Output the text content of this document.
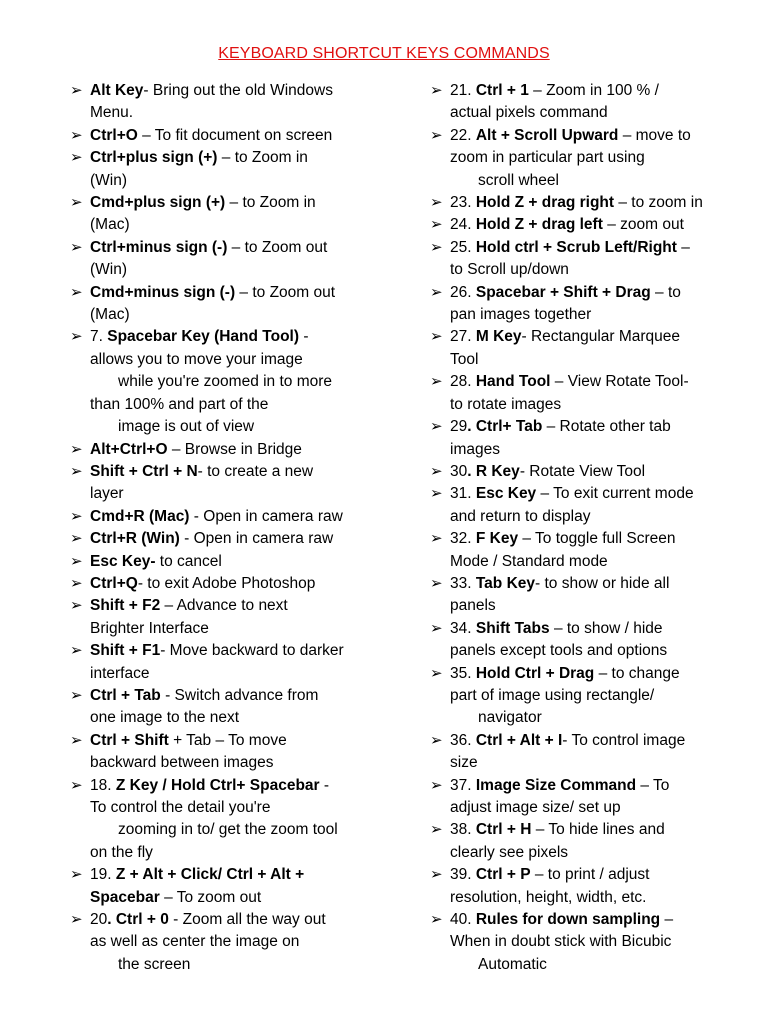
KEYBOARD SHORTCUT KEYS COMMANDS
➢ Alt Key- Bring out the old Windows
Menu.
➢ Ctrl+O – To fit document on screen
➢ Ctrl+plus sign (+) – to Zoom in
(Win)
➢ Cmd+plus sign (+) – to Zoom in
(Mac)
➢ Ctrl+minus sign (-) – to Zoom out
(Win)
➢ Cmd+minus sign (-) – to Zoom out
(Mac)
➢ 7. Spacebar Key (Hand Tool) -
allows you to move your image
while you're zoomed in to more
than 100% and part of the
image is out of view
➢ Alt+Ctrl+O – Browse in Bridge
➢ Shift + Ctrl + N- to create a new
layer
➢ Cmd+R (Mac) - Open in camera raw
➢ Ctrl+R (Win) - Open in camera raw
➢ Esc Key- to cancel
➢ Ctrl+Q- to exit Adobe Photoshop
➢ Shift + F2 – Advance to next
Brighter Interface
➢ Shift + F1- Move backward to darker
interface
➢ Ctrl + Tab - Switch advance from
one image to the next
➢ Ctrl + Shift + Tab – To move
backward between images
➢ 18. Z Key / Hold Ctrl+ Spacebar -
To control the detail you're
zooming in to/ get the zoom tool
on the fly
➢ 19. Z + Alt + Click/ Ctrl + Alt +
Spacebar – To zoom out
➢ 20. Ctrl + 0 - Zoom all the way out
as well as center the image on
the screen
➢ 21. Ctrl + 1 – Zoom in 100 % /
actual pixels command
➢ 22. Alt + Scroll Upward – move to
zoom in particular part using
scroll wheel
➢ 23. Hold Z + drag right – to zoom in
➢ 24. Hold Z + drag left – zoom out
➢ 25. Hold ctrl + Scrub Left/Right –
to Scroll up/down
➢ 26. Spacebar + Shift + Drag – to
pan images together
➢ 27. M Key- Rectangular Marquee
Tool
➢ 28. Hand Tool – View Rotate Tool-
to rotate images
➢ 29. Ctrl+ Tab – Rotate other tab
images
➢ 30. R Key- Rotate View Tool
➢ 31. Esc Key – To exit current mode
and return to display
➢ 32. F Key – To toggle full Screen
Mode / Standard mode
➢ 33. Tab Key- to show or hide all
panels
➢ 34. Shift Tabs – to show / hide
panels except tools and options
➢ 35. Hold Ctrl + Drag – to change
part of image using rectangle/
navigator
➢ 36. Ctrl + Alt + I- To control image
size
➢ 37. Image Size Command – To
adjust image size/ set up
➢ 38. Ctrl + H – To hide lines and
clearly see pixels
➢ 39. Ctrl + P – to print / adjust
resolution, height, width, etc.
➢ 40. Rules for down sampling –
When in doubt stick with Bicubic
Automatic
